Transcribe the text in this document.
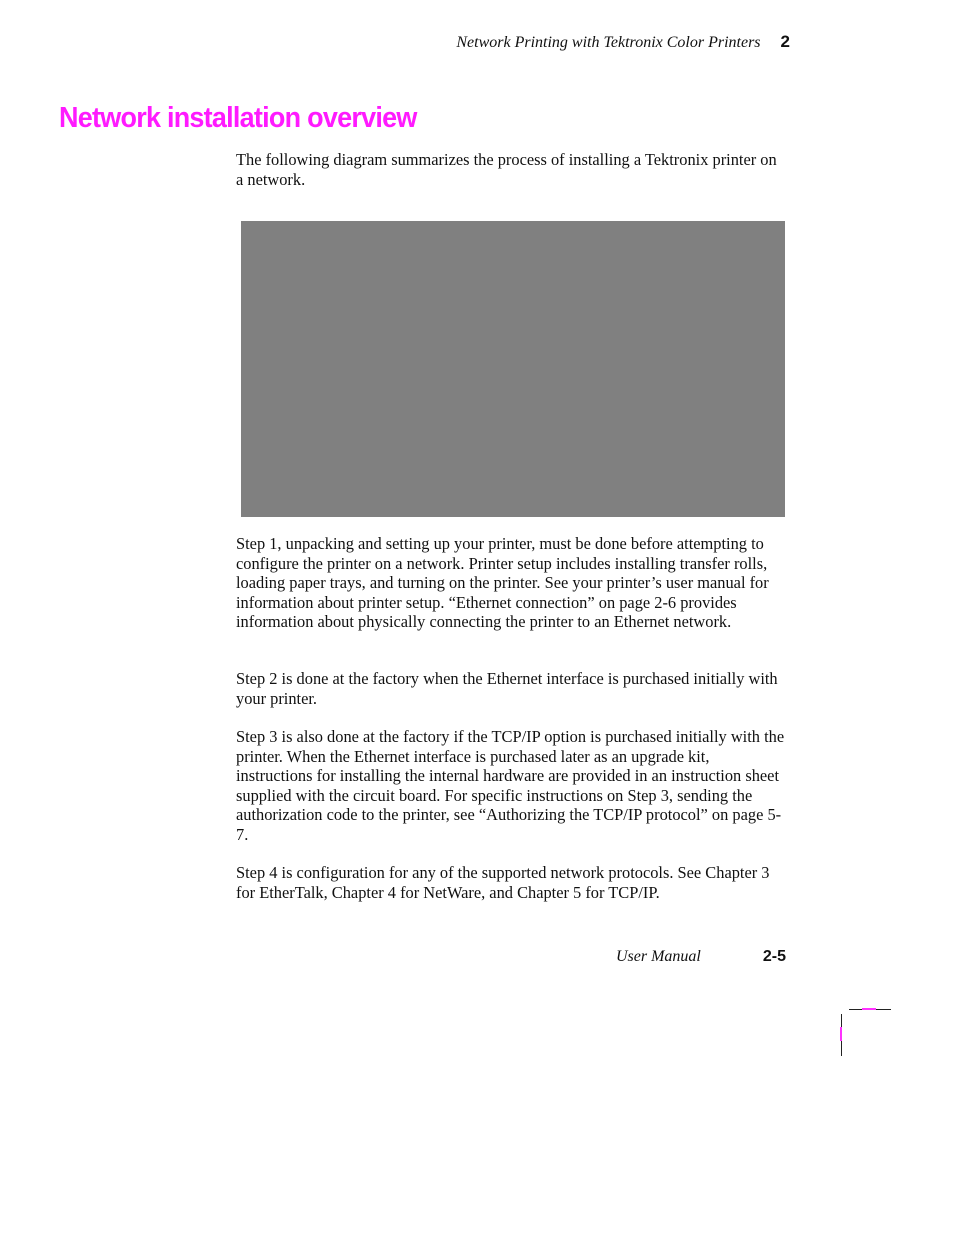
Network Printing with Tektronix Color Printers 2
Network installation overview

The following diagram summarizes the process of installing a Tektronix printer on a network.

Step 1, unpacking and setting up your printer, must be done before attempting to configure the printer on a network. Printer setup includes installing transfer rolls, loading paper trays, and turning on the printer. See your printer’s user manual for information about printer setup. “Ethernet connection” on page 2-6 provides information about physically connecting the printer to an Ethernet network.

Step 2 is done at the factory when the Ethernet interface is purchased initially with your printer.

Step 3 is also done at the factory if the TCP/IP option is purchased initially with the printer. When the Ethernet interface is purchased later as an upgrade kit, instructions for installing the internal hardware are provided in an instruction sheet supplied with the circuit board. For specific instructions on Step 3, sending the authorization code to the printer, see “Authorizing the TCP/IP protocol” on page 5-7.

Step 4 is configuration for any of the supported network protocols. See Chapter 3 for EtherTalk, Chapter 4 for NetWare, and Chapter 5 for TCP/IP.

User Manual	2-5
